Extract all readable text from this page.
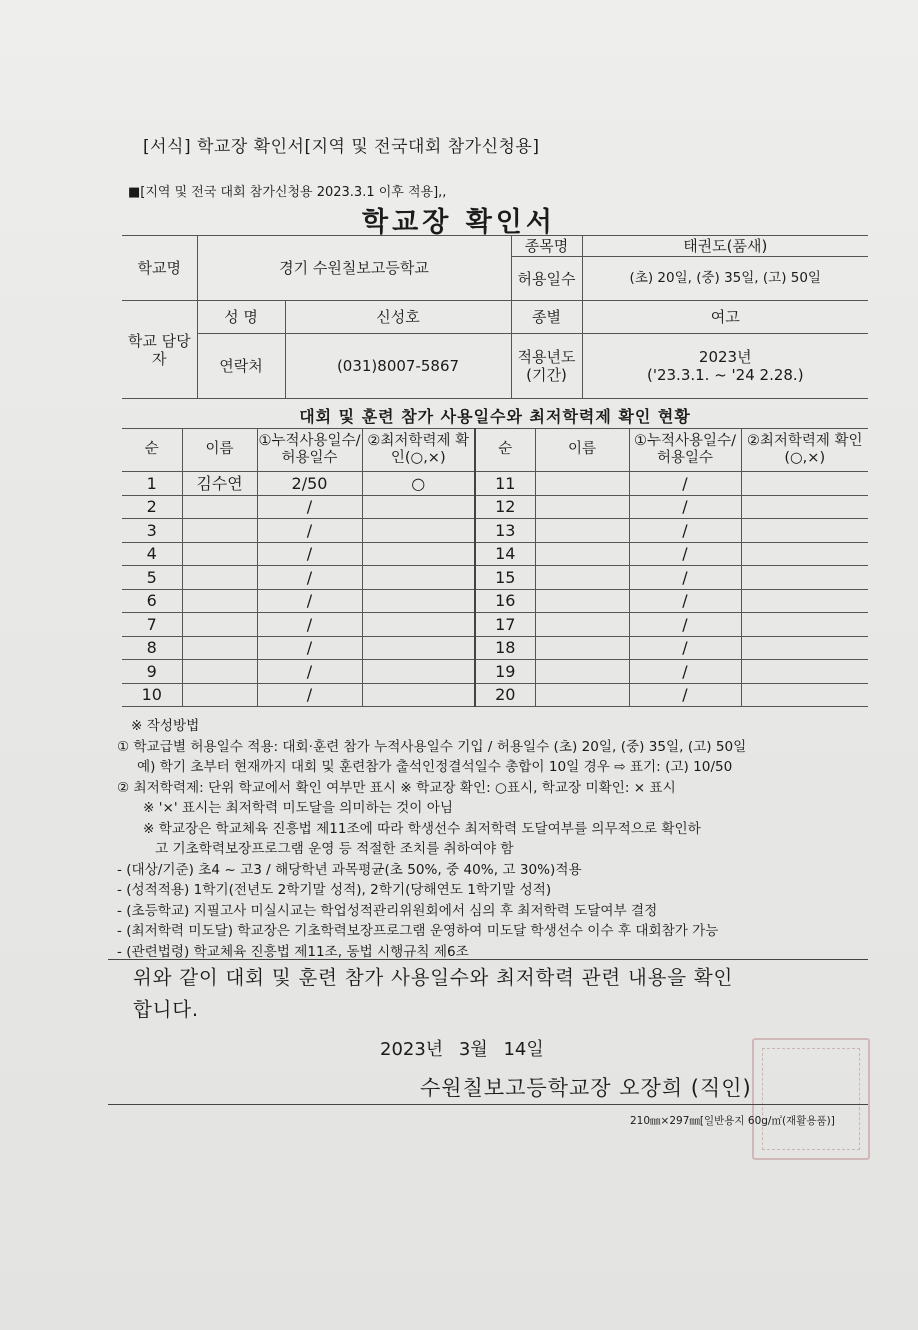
[서식] 학교장 확인서[지역 및 전국대회 참가신청용]
■[지역 및 전국 대회 참가신청용 2023.3.1 이후 적용],,
학교장 확인서
학교명	경기 수원칠보고등학교		종목명	태권도(품새)
			허용일수	(초) 20일, (중) 35일, (고) 50일
학교 담당자	성 명	신성호	종별	여고
	연락처	(031)8007-5867	적용년도 (기간)	2023년
('23.3.1. ~ '24 2.28.)
대회 및 훈련 참가 사용일수와 최저학력제 확인 현황
순	이름	①누적사용일수/허용일수	②최저학력제 확인(○,×)	순	이름	①누적사용일수/허용일수	②최저학력제 확인(○,×)
1	김수연	2/50	○	11		/	
2		/		12		/	
3		/		13		/	
4		/		14		/	
5		/		15		/	
6		/		16		/	
7		/		17		/	
8		/		18		/	
9		/		19		/	
10		/		20		/	
※ 작성방법
① 학교급별 허용일수 적용: 대회·훈련 참가 누적사용일수 기입 / 허용일수 (초) 20일, (중) 35일, (고) 50일
예) 학기 초부터 현재까지 대회 및 훈련참가 출석인정결석일수 총합이 10일 경우 ⇨ 표기: (고) 10/50
② 최저학력제: 단위 학교에서 확인 여부만 표시 ※ 학교장 확인: ○표시, 학교장 미확인: × 표시
※ '×' 표시는 최저학력 미도달을 의미하는 것이 아님
※ 학교장은 학교체육 진흥법 제11조에 따라 학생선수 최저학력 도달여부를 의무적으로 확인하
고 기초학력보장프로그램 운영 등 적절한 조치를 취하여야 함
- (대상/기준) 초4 ~ 고3 / 해당학년 과목평균(초 50%, 중 40%, 고 30%)적용
- (성적적용) 1학기(전년도 2학기말 성적), 2학기(당해연도 1학기말 성적)
- (초등학교) 지필고사 미실시교는 학업성적관리위원회에서 심의 후 최저학력 도달여부 결정
- (최저학력 미도달) 학교장은 기초학력보장프로그램 운영하여 미도달 학생선수 이수 후 대회참가 가능
- (관련법령) 학교체육 진흥법 제11조, 동법 시행규칙 제6조
위와 같이 대회 및 훈련 참가 사용일수와 최저학력 관련 내용을 확인
합니다.
2023년 3월 14일
수원칠보고등학교장 오장희 (직인)
210㎜×297㎜[일반용지 60g/㎡(재활용품)]
